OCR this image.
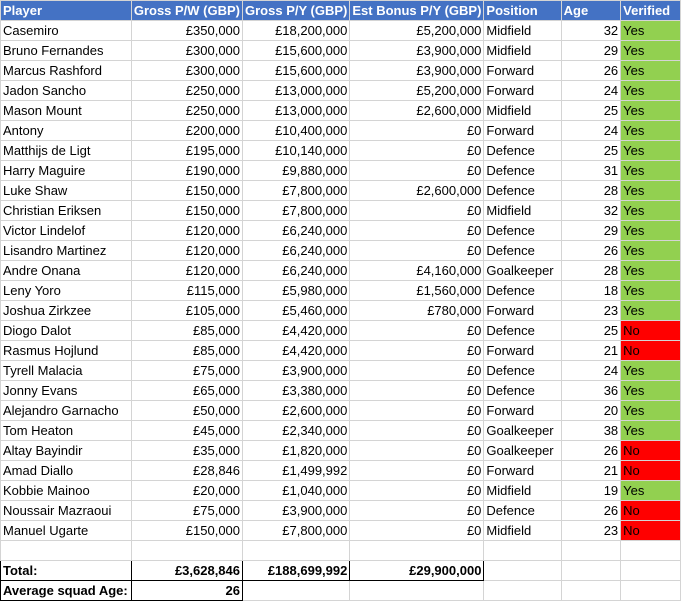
Player	Gross P/W (GBP)	Gross P/Y (GBP)	Est Bonus P/Y (GBP)	Position	Age	Verified
Casemiro	£350,000	£18,200,000	£5,200,000	Midfield	32	Yes
Bruno Fernandes	£300,000	£15,600,000	£3,900,000	Midfield	29	Yes
Marcus Rashford	£300,000	£15,600,000	£3,900,000	Forward	26	Yes
Jadon Sancho	£250,000	£13,000,000	£5,200,000	Forward	24	Yes
Mason Mount	£250,000	£13,000,000	£2,600,000	Midfield	25	Yes
Antony	£200,000	£10,400,000	£0	Forward	24	Yes
Matthijs de Ligt	£195,000	£10,140,000	£0	Defence	25	Yes
Harry Maguire	£190,000	£9,880,000	£0	Defence	31	Yes
Luke Shaw	£150,000	£7,800,000	£2,600,000	Defence	28	Yes
Christian Eriksen	£150,000	£7,800,000	£0	Midfield	32	Yes
Victor Lindelof	£120,000	£6,240,000	£0	Defence	29	Yes
Lisandro Martinez	£120,000	£6,240,000	£0	Defence	26	Yes
Andre Onana	£120,000	£6,240,000	£4,160,000	Goalkeeper	28	Yes
Leny Yoro	£115,000	£5,980,000	£1,560,000	Defence	18	Yes
Joshua Zirkzee	£105,000	£5,460,000	£780,000	Forward	23	Yes
Diogo Dalot	£85,000	£4,420,000	£0	Defence	25	No
Rasmus Hojlund	£85,000	£4,420,000	£0	Forward	21	No
Tyrell Malacia	£75,000	£3,900,000	£0	Defence	24	Yes
Jonny Evans	£65,000	£3,380,000	£0	Defence	36	Yes
Alejandro Garnacho	£50,000	£2,600,000	£0	Forward	20	Yes
Tom Heaton	£45,000	£2,340,000	£0	Goalkeeper	38	Yes
Altay Bayindir	£35,000	£1,820,000	£0	Goalkeeper	26	No
Amad Diallo	£28,846	£1,499,992	£0	Forward	21	No
Kobbie Mainoo	£20,000	£1,040,000	£0	Midfield	19	Yes
Noussair Mazraoui	£75,000	£3,900,000	£0	Defence	26	No
Manuel Ugarte	£150,000	£7,800,000	£0	Midfield	23	No

Total:	£3,628,846	£188,699,992	£29,900,000			
Average squad Age:	26					
